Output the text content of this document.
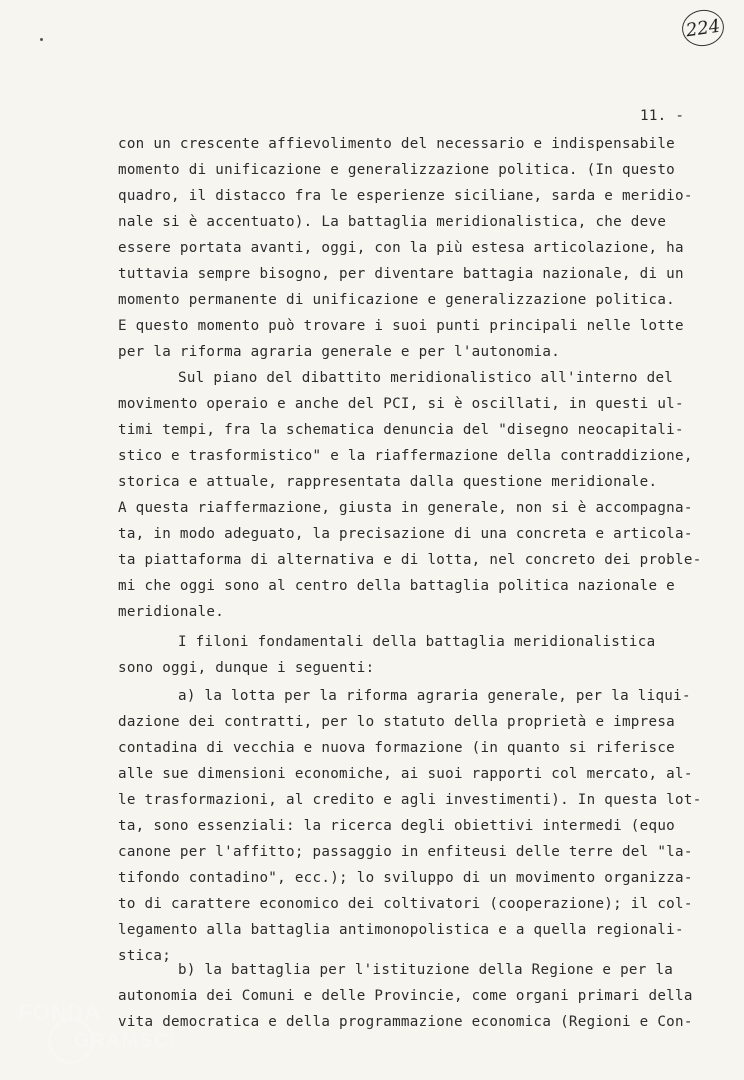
224
11. -
con un crescente affievolimento del necessario e indispensabile
momento di unificazione e generalizzazione politica. (In questo
quadro, il distacco fra le esperienze siciliane, sarda e meridio-
nale si è accentuato). La battaglia meridionalistica, che deve
essere portata avanti, oggi, con la più estesa articolazione, ha
tuttavia sempre bisogno, per diventare battagia nazionale, di un
momento permanente di unificazione e generalizzazione politica.
E questo momento può trovare i suoi punti principali nelle lotte
per la riforma agraria generale e per l'autonomia.
Sul piano del dibattito meridionalistico all'interno del
movimento operaio e anche del PCI, si è oscillati, in questi ul-
timi tempi, fra la schematica denuncia del "disegno neocapitali-
stico e trasformistico" e la riaffermazione della contraddizione,
storica e attuale, rappresentata dalla questione meridionale.
A questa riaffermazione, giusta in generale, non si è accompagna-
ta, in modo adeguato, la precisazione di una concreta e articola-
ta piattaforma di alternativa e di lotta, nel concreto dei proble-
mi che oggi sono al centro della battaglia politica nazionale e
meridionale.
I filoni fondamentali della battaglia meridionalistica
sono oggi, dunque i seguenti:
a) la lotta per la riforma agraria generale, per la liqui-
dazione dei contratti, per lo statuto della proprietà e impresa
contadina di vecchia e nuova formazione (in quanto si riferisce
alle sue dimensioni economiche, ai suoi rapporti col mercato, al-
le trasformazioni, al credito e agli investimenti). In questa lot-
ta, sono essenziali: la ricerca degli obiettivi intermedi (equo
canone per l'affitto; passaggio in enfiteusi delle terre del "la-
tifondo contadino", ecc.); lo sviluppo di un movimento organizza-
to di carattere economico dei coltivatori (cooperazione); il col-
legamento alla battaglia antimonopolistica e a quella regionali-
stica;
b) la battaglia per l'istituzione della Regione e per la
autonomia dei Comuni e delle Provincie, come organi primari della
vita democratica e della programmazione economica (Regioni e Con-
FONDA
GRAMSCI
